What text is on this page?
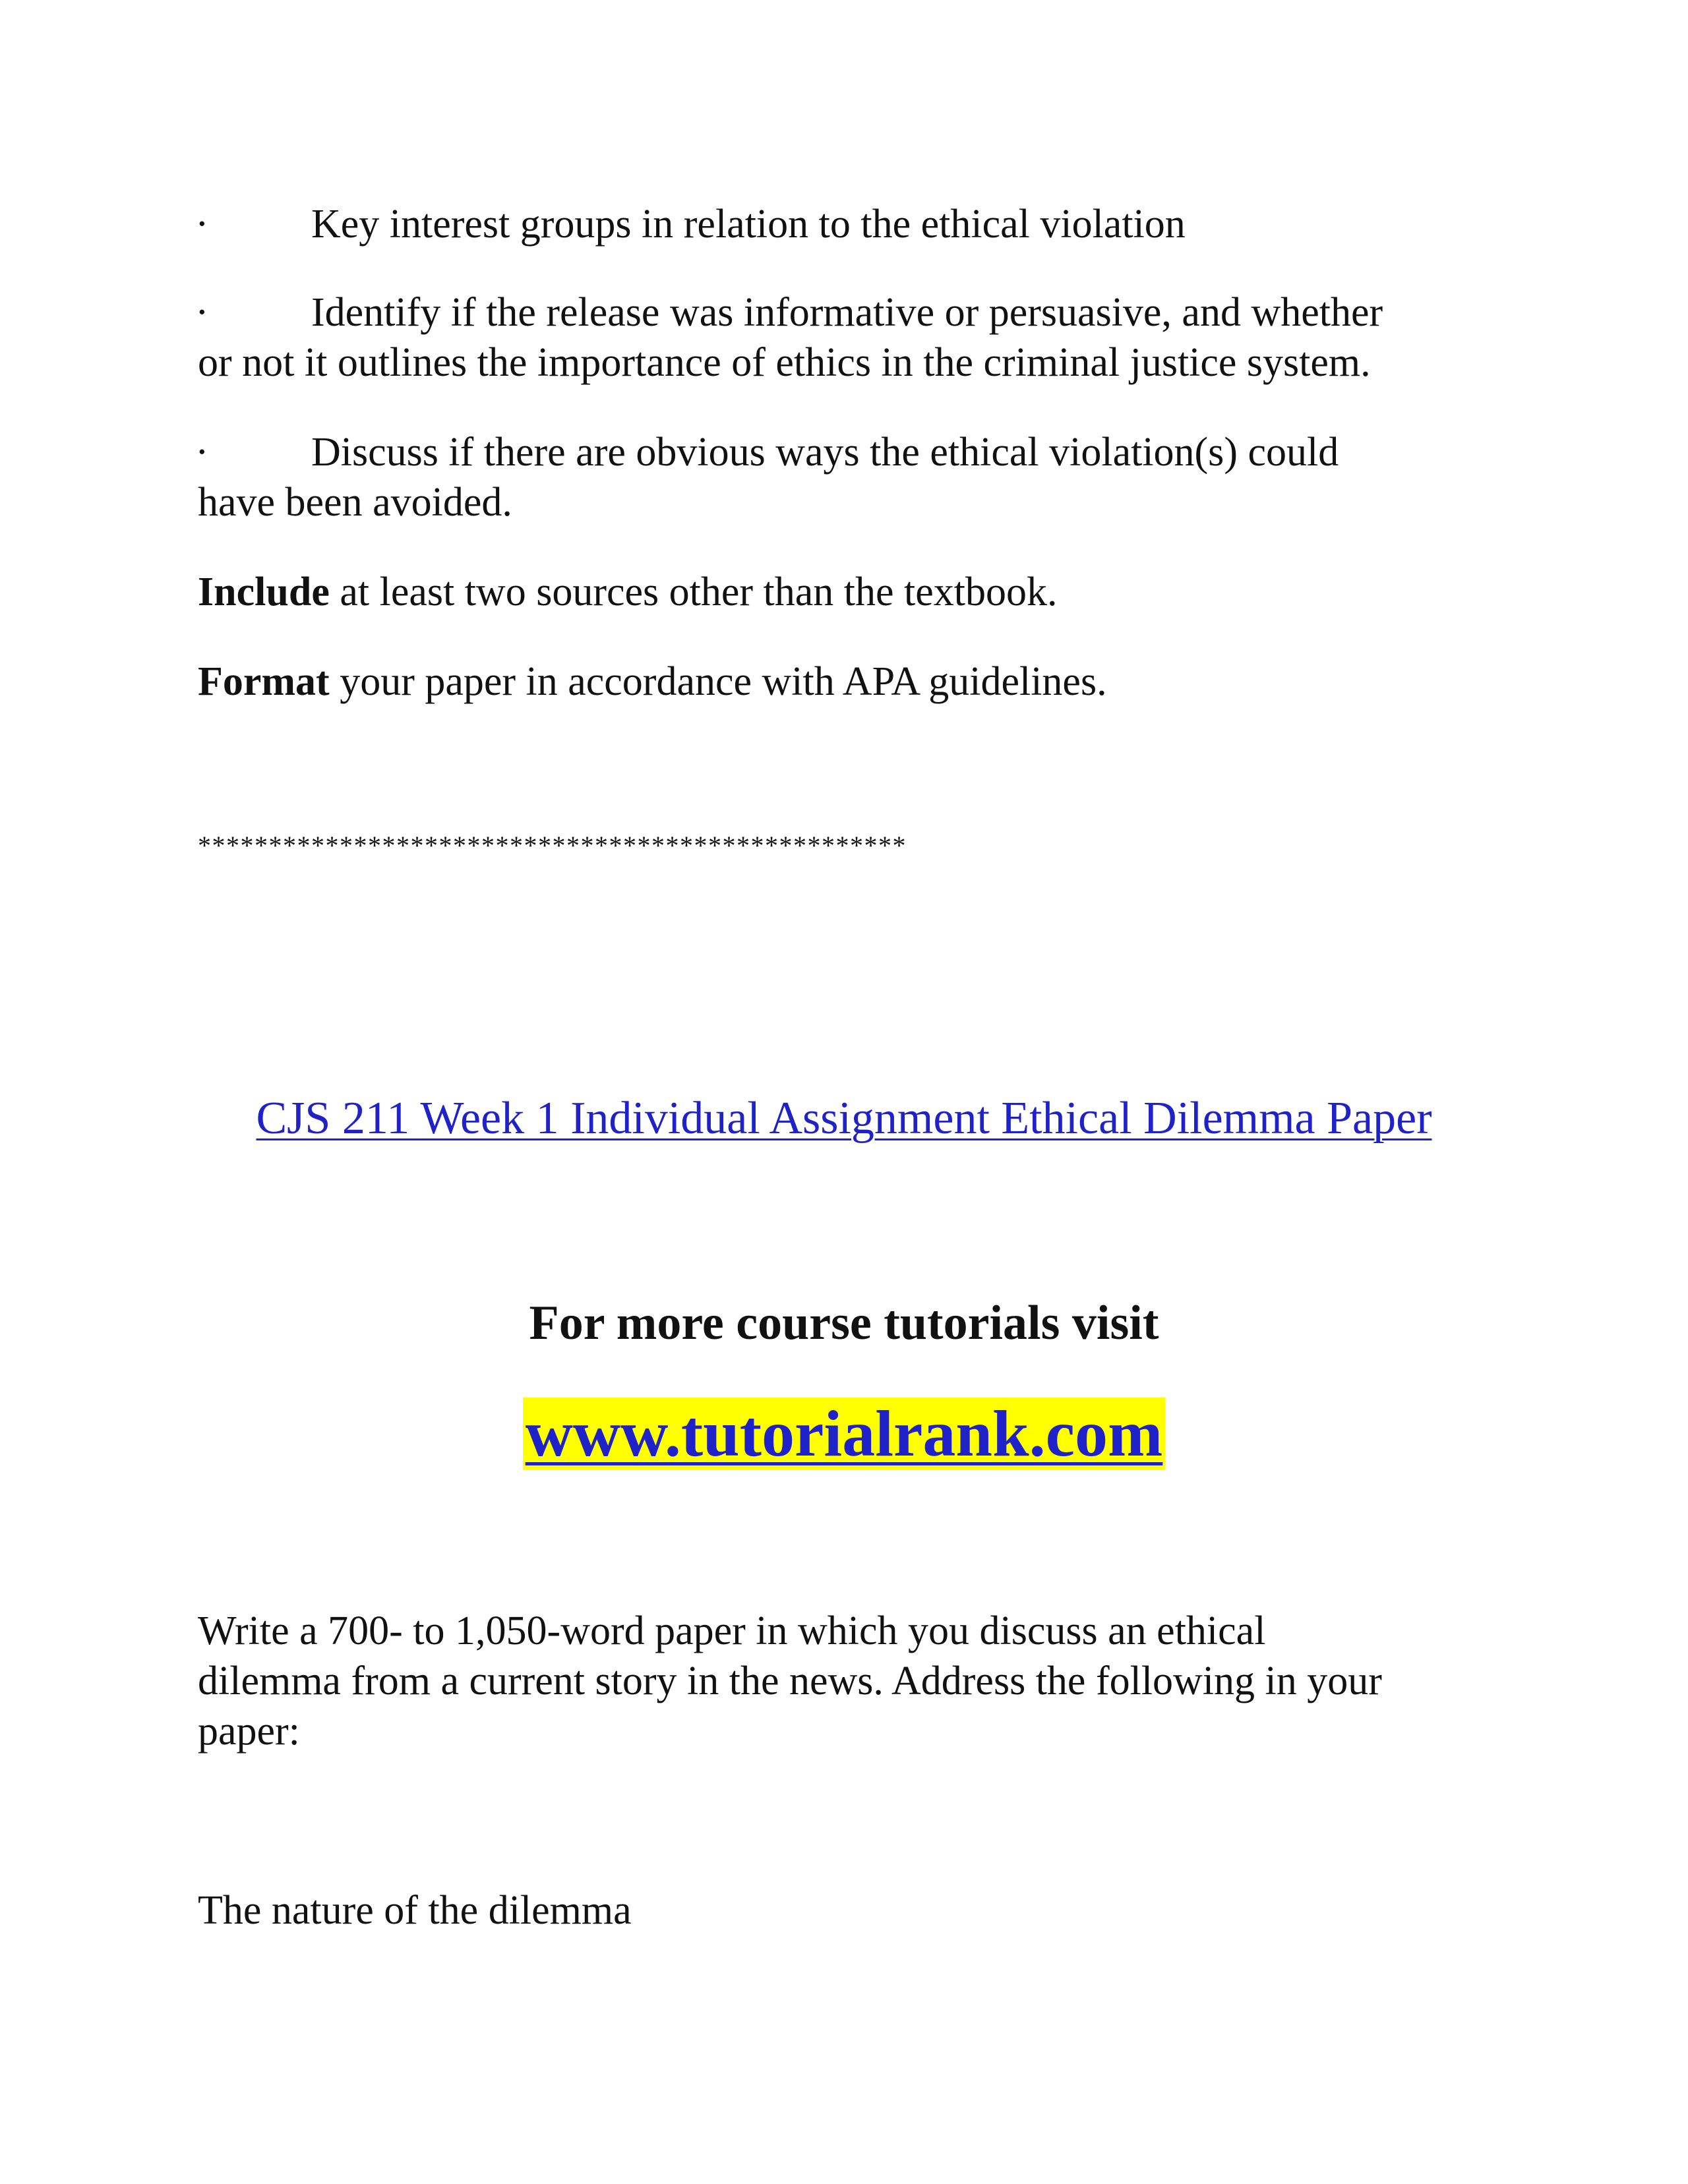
·	Key interest groups in relation to the ethical violation
·	Identify if the release was informative or persuasive, and whether
or not it outlines the importance of ethics in the criminal justice system.
·	Discuss if there are obvious ways the ethical violation(s) could
have been avoided.
Include at least two sources other than the textbook.
Format your paper in accordance with APA guidelines.
**************************************************
CJS 211 Week 1 Individual Assignment Ethical Dilemma Paper
For more course tutorials visit
www.tutorialrank.com
Write a 700- to 1,050-word paper in which you discuss an ethical
dilemma from a current story in the news. Address the following in your
paper:
The nature of the dilemma
